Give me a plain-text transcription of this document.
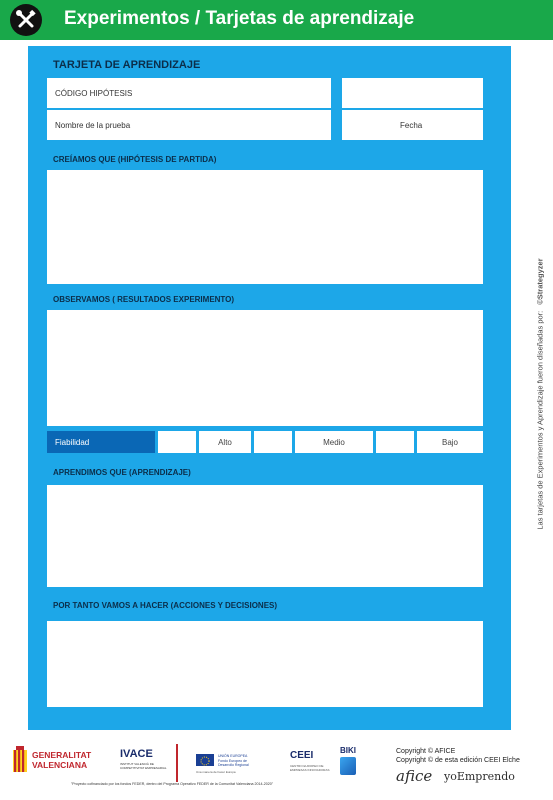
Experimentos / Tarjetas de aprendizaje
TARJETA DE APRENDIZAJE
CÓDIGO HIPÓTESIS
Nombre de la prueba	Fecha
CREÍAMOS QUE (HIPÓTESIS DE PARTIDA)
OBSERVAMOS ( RESULTADOS EXPERIMENTO)
Fiabilidad	Alto	Medio	Bajo
APRENDIMOS QUE (APRENDIZAJE)
POR TANTO VAMOS A HACER (ACCIONES Y DECISIONES)
Las tarjetas de Experimentos y Aprendizaje fueron diseñadas por:©Strategyzer
GENERALITAT
VALENCIANA
IVACE
INSTITUT VALENCIÀ DE COMPETITIVITAT EMPRESARIAL
UNIÓN EUROPEA Fondo Europeo de Desarrollo Regional
Una manera de hacer Europa
CEEI
CENTRO EUROPEO DE EMPRESAS INNOVADORAS
BIKI	Copyright © AFICE
Copyright © de esta edición CEEI Elche
afice yoEmprendo
"Proyecto cofinanciado por los fondos FEDER, dentro del Programa Operativo FEDER de la Comunitat Valenciana 2014-2020"
